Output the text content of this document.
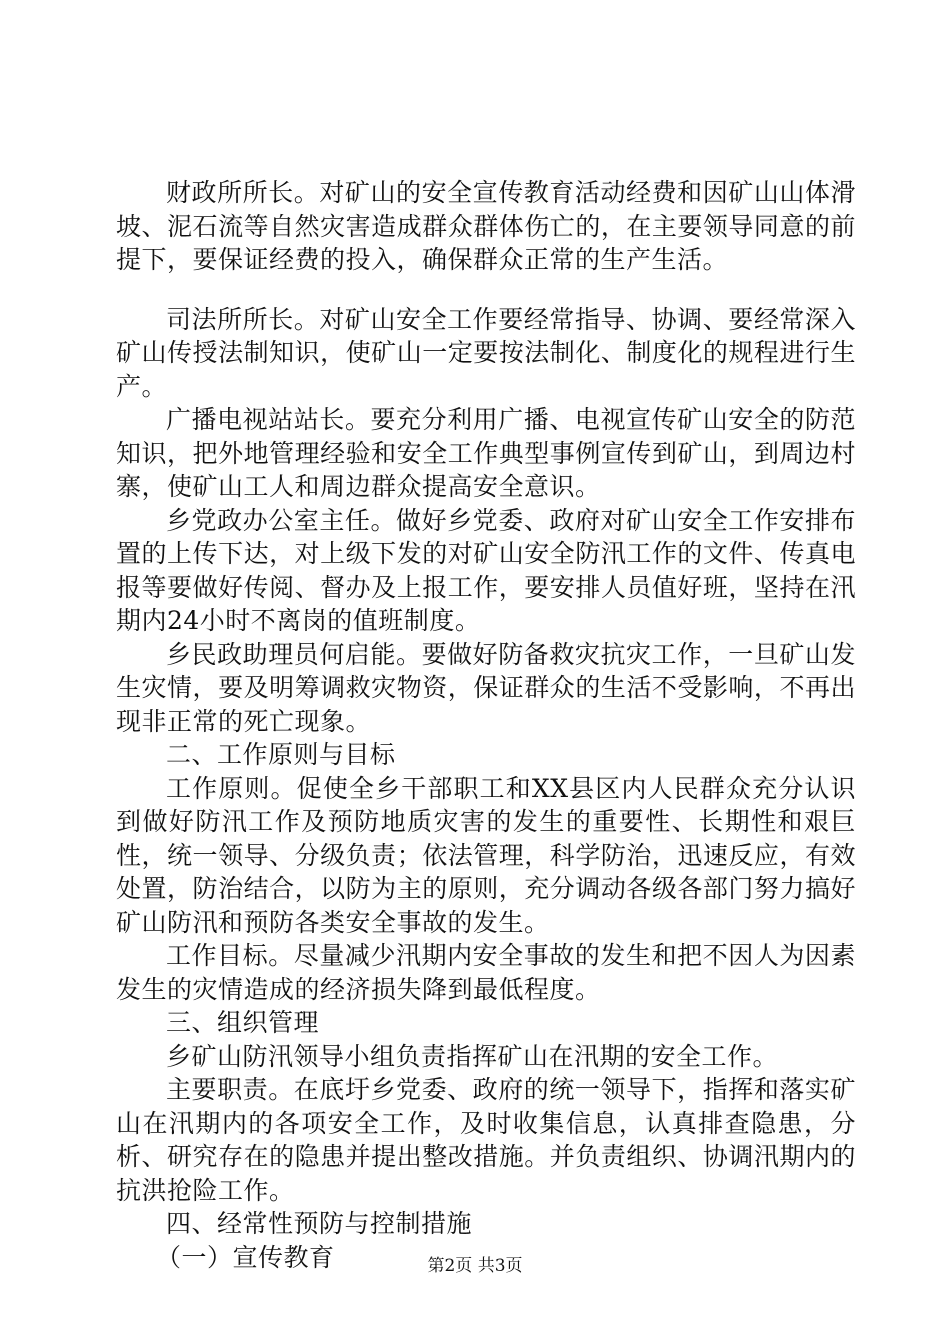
财政所所长。对矿山的安全宣传教育活动经费和因矿山山体滑坡、泥石流等自然灾害造成群众群体伤亡的，在主要领导同意的前提下，要保证经费的投入，确保群众正常的生产生活。

司法所所长。对矿山安全工作要经常指导、协调、要经常深入矿山传授法制知识，使矿山一定要按法制化、制度化的规程进行生产。

广播电视站站长。要充分利用广播、电视宣传矿山安全的防范知识，把外地管理经验和安全工作典型事例宣传到矿山，到周边村寨，使矿山工人和周边群众提高安全意识。

乡党政办公室主任。做好乡党委、政府对矿山安全工作安排布置的上传下达，对上级下发的对矿山安全防汛工作的文件、传真电报等要做好传阅、督办及上报工作，要安排人员值好班，坚持在汛期内24小时不离岗的值班制度。

乡民政助理员何启能。要做好防备救灾抗灾工作，一旦矿山发生灾情，要及明筹调救灾物资，保证群众的生活不受影响，不再出现非正常的死亡现象。

二、工作原则与目标

工作原则。促使全乡干部职工和XX县区内人民群众充分认识到做好防汛工作及预防地质灾害的发生的重要性、长期性和艰巨性，统一领导、分级负责；依法管理，科学防治，迅速反应，有效处置，防治结合，以防为主的原则，充分调动各级各部门努力搞好矿山防汛和预防各类安全事故的发生。

工作目标。尽量减少汛期内安全事故的发生和把不因人为因素发生的灾情造成的经济损失降到最低程度。

三、组织管理

乡矿山防汛领导小组负责指挥矿山在汛期的安全工作。

主要职责。在底圩乡党委、政府的统一领导下，指挥和落实矿山在汛期内的各项安全工作，及时收集信息，认真排查隐患，分析、研究存在的隐患并提出整改措施。并负责组织、协调汛期内的抗洪抢险工作。

四、经常性预防与控制措施

（一）宣传教育	第2页 共3页
